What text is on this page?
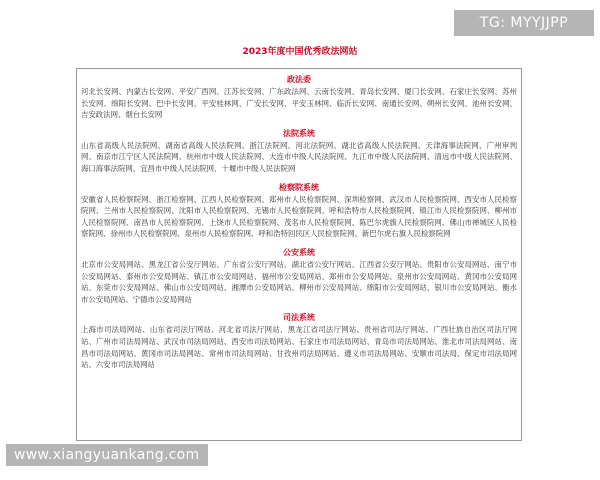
TG: MYYJJPP
2023年度中国优秀政法网站
政法委
河北长安网、内蒙古长安网、平安广西网、江苏长安网、广东政法网、云南长安网、青岛长安网、厦门长安网、石家庄长安网、苏州长安网、绵阳长安网、巴中长安网、平安桂林网、广安长安网、平安玉林网、临沂长安网、南通长安网、朔州长安网、池州长安网、吉安政法网、烟台长安网
法院系统
山东省高级人民法院网、湖南省高级人民法院网、浙江法院网、河北法院网、湖北省高级人民法院网、天津海事法院网、广州审判网、南京市江宁区人民法院网、杭州市中级人民法院网、大连市中级人民法院网、九江市中级人民法院网、清远市中级人民法院网、海口海事法院网、宜昌市中级人民法院网、十堰市中级人民法院网
检察院系统
安徽省人民检察院网、浙江检察网、江西人民检察院网、郑州市人民检察院网、深圳检察网、武汉市人民检察院网、西安市人民检察院网、兰州市人民检察院网、沈阳市人民检察院网、无锡市人民检察院网、呼和浩特市人民检察院网、镇江市人民检察院网、柳州市人民检察院网、南昌市人民检察院网、上饶市人民检察院网、茂名市人民检察院网、陈巴尔虎旗人民检察院网、佛山市禅城区人民检察院网、徐州市人民检察院网、泉州市人民检察院网、呼和浩特回民区人民检察院网、新巴尔虎右旗人民检察院网
公安系统
北京市公安局网站、黑龙江省公安厅网站、广东省公安厅网站、湖北省公安厅网站、江西省公安厅网站、贵阳市公安局网站、南宁市公安局网站、泰州市公安局网站、镇江市公安局网站、福州市公安局网站、郑州市公安局网站、泉州市公安局网站、黄冈市公安局网站、东莞市公安局网站、佛山市公安局网站、湘潭市公安局网站、柳州市公安局网站、绵阳市公安局网站、银川市公安局网站、衡水市公安局网站、宁德市公安局网站
司法系统
上海市司法局网站、山东省司法厅网站、河北省司法厅网站、黑龙江省司法厅网站、贵州省司法厅网站、广西壮族自治区司法厅网站、广州市司法局网站、武汉市司法局网站、西安市司法局网站、石家庄市司法局网站、青岛市司法局网站、淮北市司法局网站、南昌市司法局网站、黄冈市司法局网站、常州市司法局网站、甘孜州司法局网站、遵义市司法局网站、安顺市司法局、保定市司法局网站、六安市司法局网站
www.xiangyuankang.com
